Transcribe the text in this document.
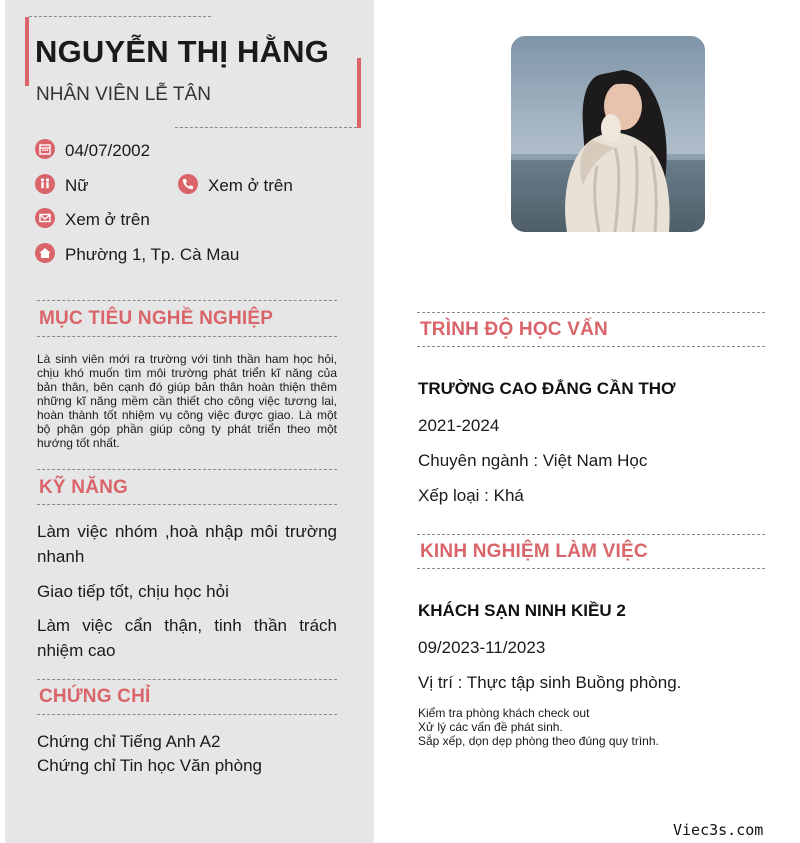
NGUYỄN THỊ HẰNG
NHÂN VIÊN LỄ TÂN
04/07/2002
Nữ	Xem ở trên
Xem ở trên
Phường 1, Tp. Cà Mau
MỤC TIÊU NGHỀ NGHIỆP
Là sinh viên mới ra trường với tinh thần ham học hỏi,
chịu khó muốn tìm môi trường phát triển kĩ năng của
bản thân, bên cạnh đó giúp bản thân hoàn thiện thêm
những kĩ năng mềm cần thiết cho công việc tương lai,
hoàn thành tốt nhiệm vụ công việc được giao. Là một
bộ phận góp phần giúp công ty phát triển theo một
hướng tốt nhất.
KỸ NĂNG
Làm việc nhóm ,hoà nhập môi trường
nhanh
Giao tiếp tốt, chịu học hỏi
Làm việc cẩn thận, tinh thần trách
nhiệm cao
CHỨNG CHỈ
Chứng chỉ Tiếng Anh A2
Chứng chỉ Tin học Văn phòng
TRÌNH ĐỘ HỌC VẤN
TRƯỜNG CAO ĐẲNG CẦN THƠ
2021-2024
Chuyên ngành : Việt Nam Học
Xếp loại : Khá
KINH NGHIỆM LÀM VIỆC
KHÁCH SẠN NINH KIỀU 2
09/2023-11/2023
Vị trí : Thực tập sinh Buồng phòng.
Kiểm tra phòng khách check out
Xử lý các vấn đề phát sinh.
Sắp xếp, dọn dẹp phòng theo đúng quy trình.
Viec3s.com
